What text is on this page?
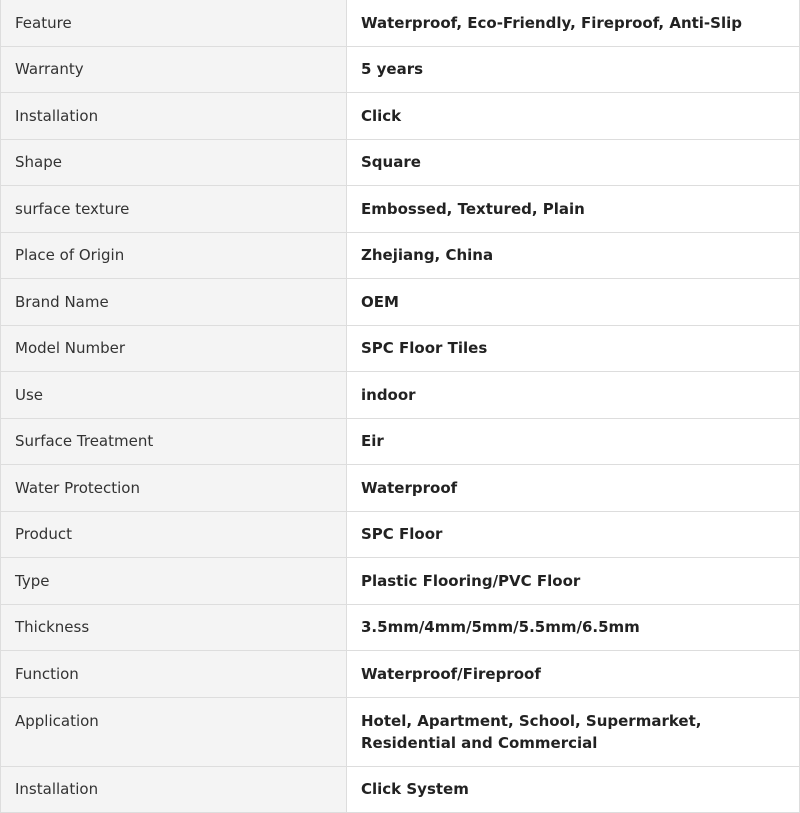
Feature	Waterproof, Eco-Friendly, Fireproof, Anti-Slip
Warranty	5 years
Installation	Click
Shape	Square
surface texture	Embossed, Textured, Plain
Place of Origin	Zhejiang, China
Brand Name	OEM
Model Number	SPC Floor Tiles
Use	indoor
Surface Treatment	Eir
Water Protection	Waterproof
Product	SPC Floor
Type	Plastic Flooring/PVC Floor
Thickness	3.5mm/4mm/5mm/5.5mm/6.5mm
Function	Waterproof/Fireproof
Application	Hotel, Apartment, School, Supermarket, Residential and Commercial
Installation	Click System
